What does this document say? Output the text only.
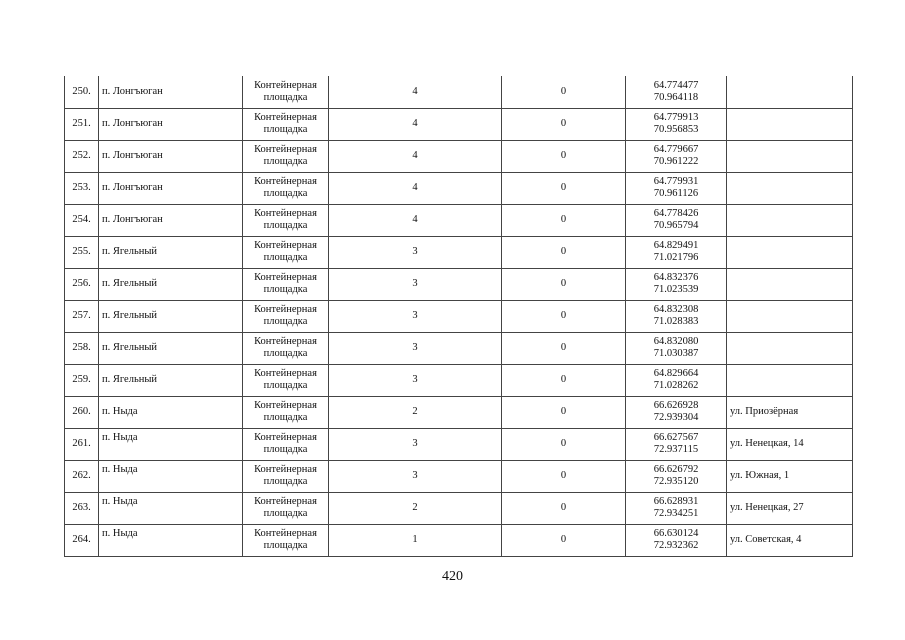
250.	п. Лонгъюган	Контейнерная
площадка	4	0	64.774477
70.964118	

251.	п. Лонгъюган	Контейнерная
площадка	4	0	64.779913
70.956853	

252.	п. Лонгъюган	Контейнерная
площадка	4	0	64.779667
70.961222	

253.	п. Лонгъюган	Контейнерная
площадка	4	0	64.779931
70.961126	

254.	п. Лонгъюган	Контейнерная
площадка	4	0	64.778426
70.965794	

255.	п. Ягельный	Контейнерная
площадка	3	0	64.829491
71.021796	

256.	п. Ягельный	Контейнерная
площадка	3	0	64.832376
71.023539	

257.	п. Ягельный	Контейнерная
площадка	3	0	64.832308
71.028383	

258.	п. Ягельный	Контейнерная
площадка	3	0	64.832080
71.030387	

259.	п. Ягельный	Контейнерная
площадка	3	0	64.829664
71.028262	

260.	п. Ныда	Контейнерная
площадка	2	0	66.626928
72.939304	ул. Приозёрная
261.	п. Ныда	Контейнерная
площадка	3	0	66.627567
72.937115	ул. Ненецкая, 14
262.	п. Ныда	Контейнерная
площадка	3	0	66.626792
72.935120	ул. Южная, 1
263.	п. Ныда	Контейнерная
площадка	2	0	66.628931
72.934251	ул. Ненецкая, 27
264.	п. Ныда	Контейнерная
площадка	1	0	66.630124
72.932362	ул. Советская, 4
420
